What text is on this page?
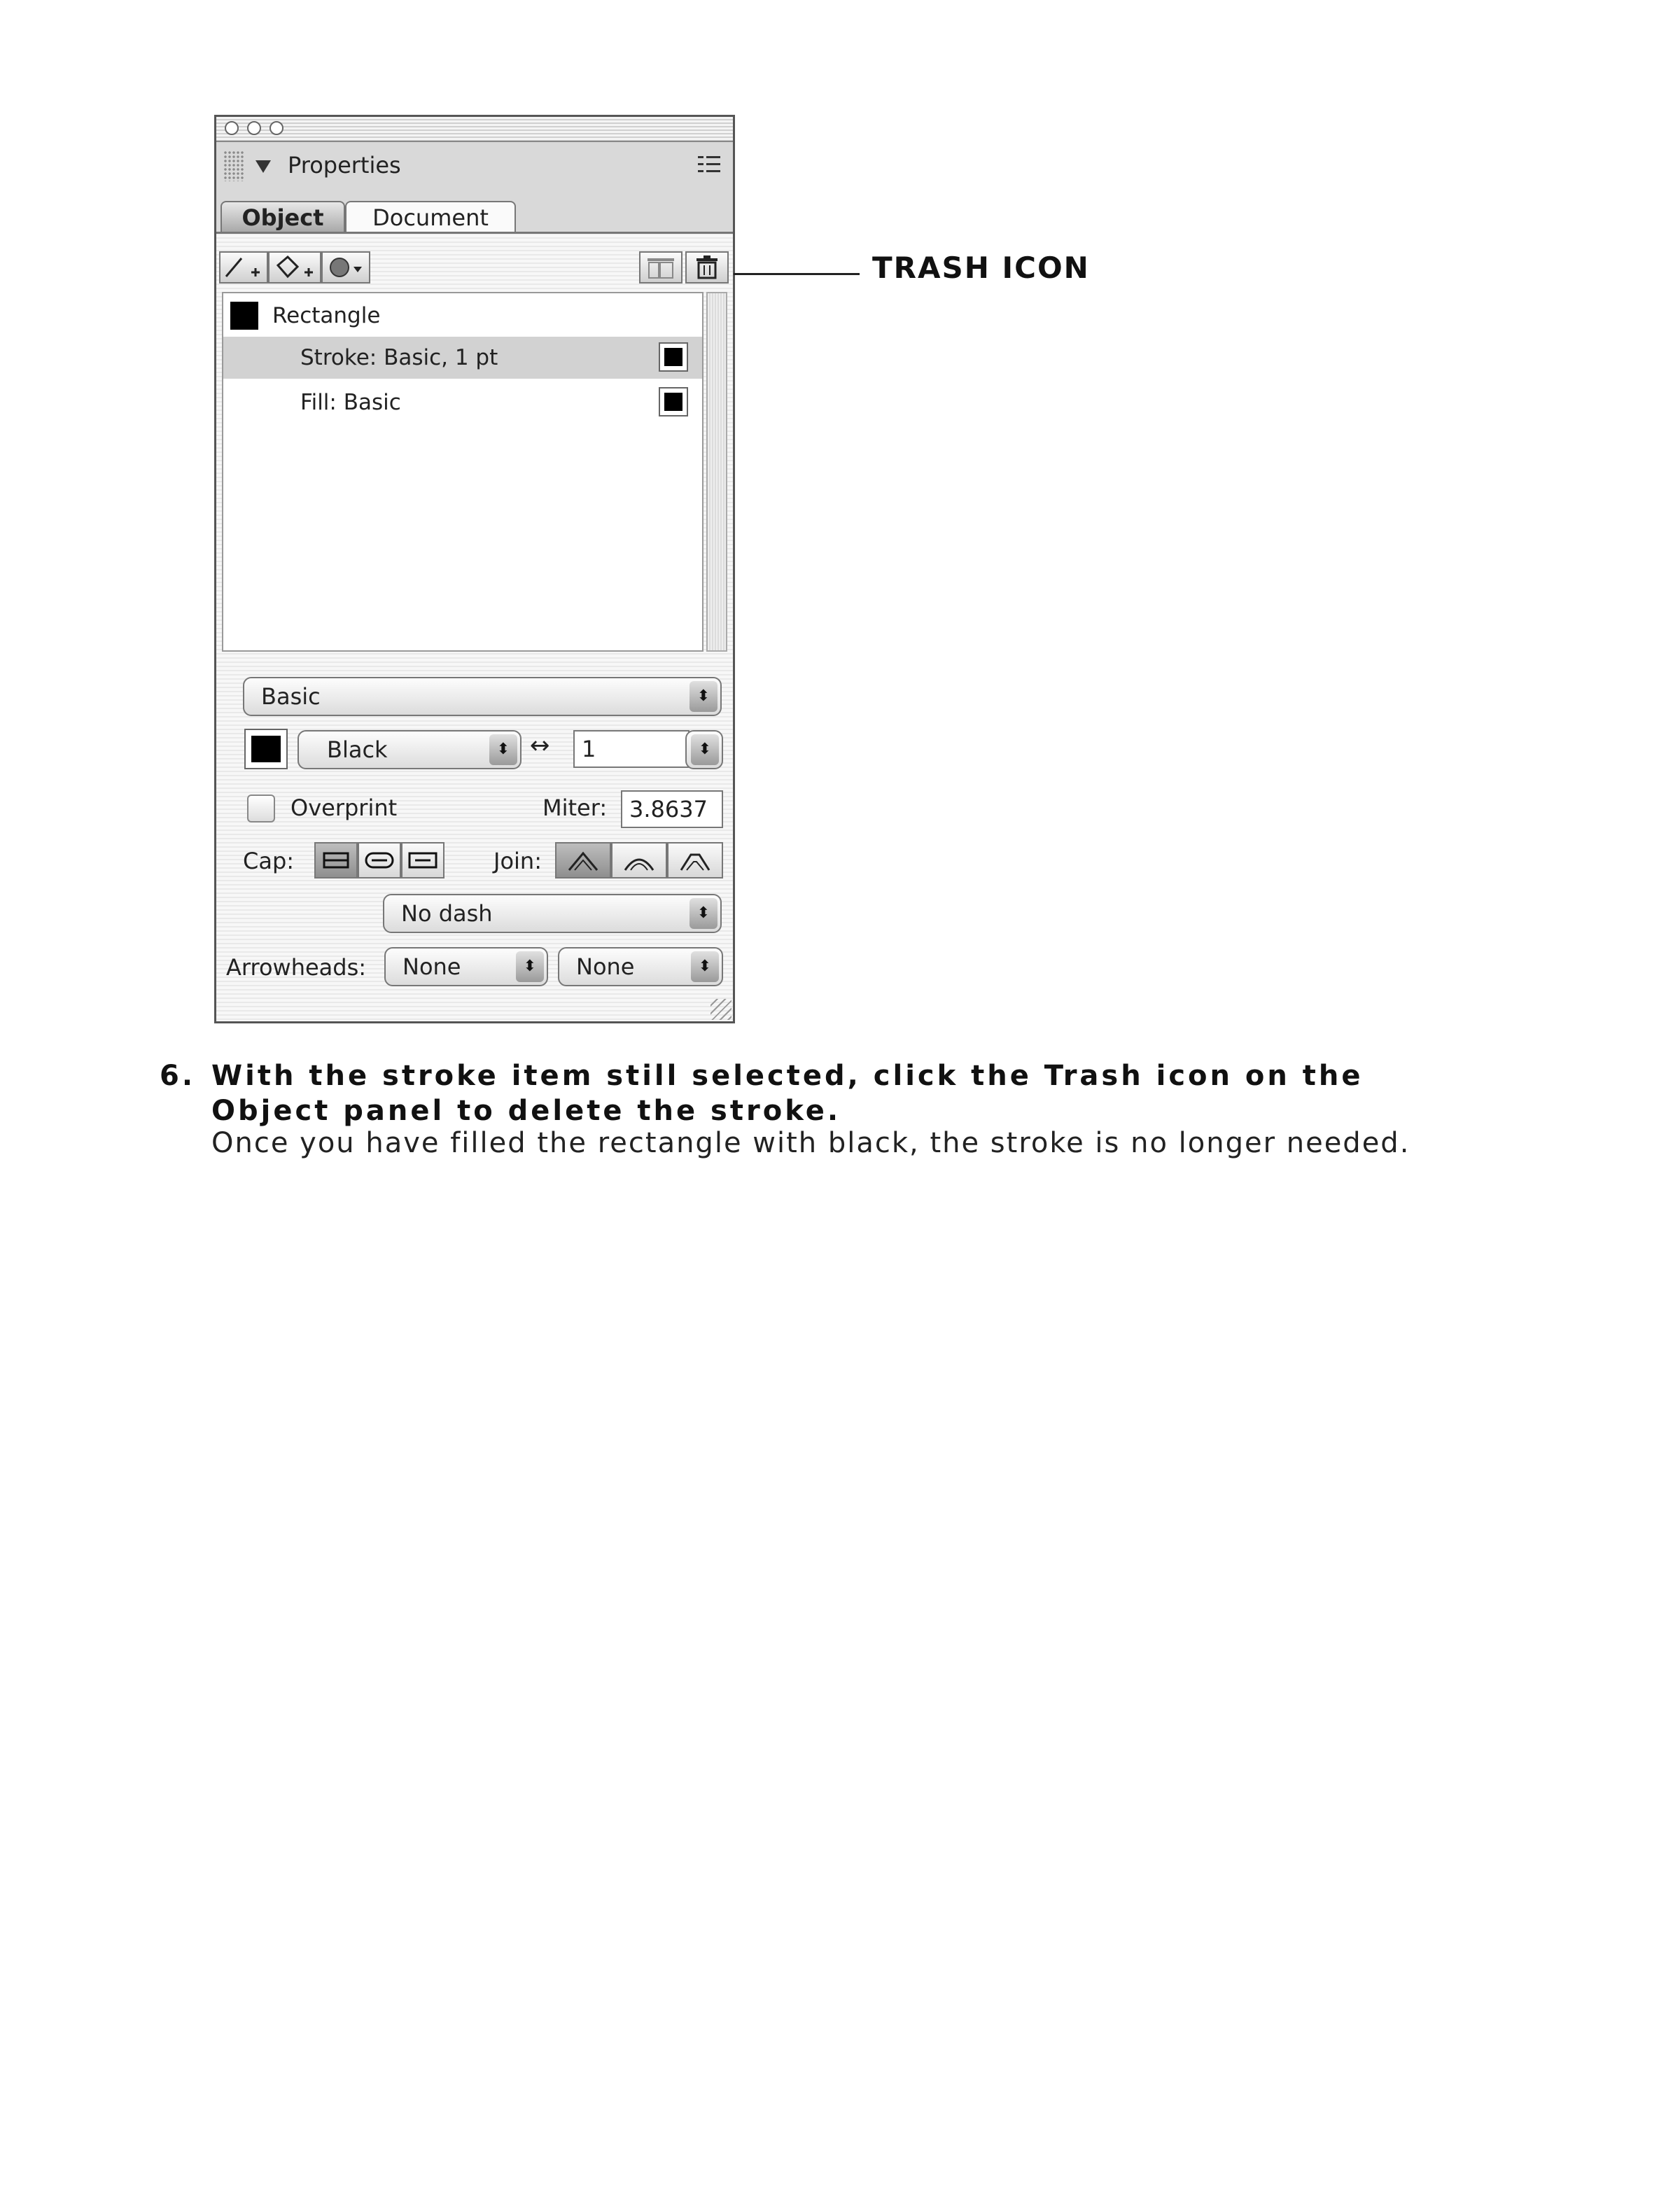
Properties
Object	Document
Rectangle
Stroke: Basic, 1 pt
Fill: Basic
Basic	⬍
Black	⬍ ↔	1	⬍
Overprint	Miter: 3.8637
Cap:	Join:
No dash	⬍
Arrowheads:	None	⬍	None	⬍
TRASH ICON
6. With the stroke item still selected, click the Trash icon on the Object panel to delete the stroke.
Once you have filled the rectangle with black, the stroke is no longer needed.
